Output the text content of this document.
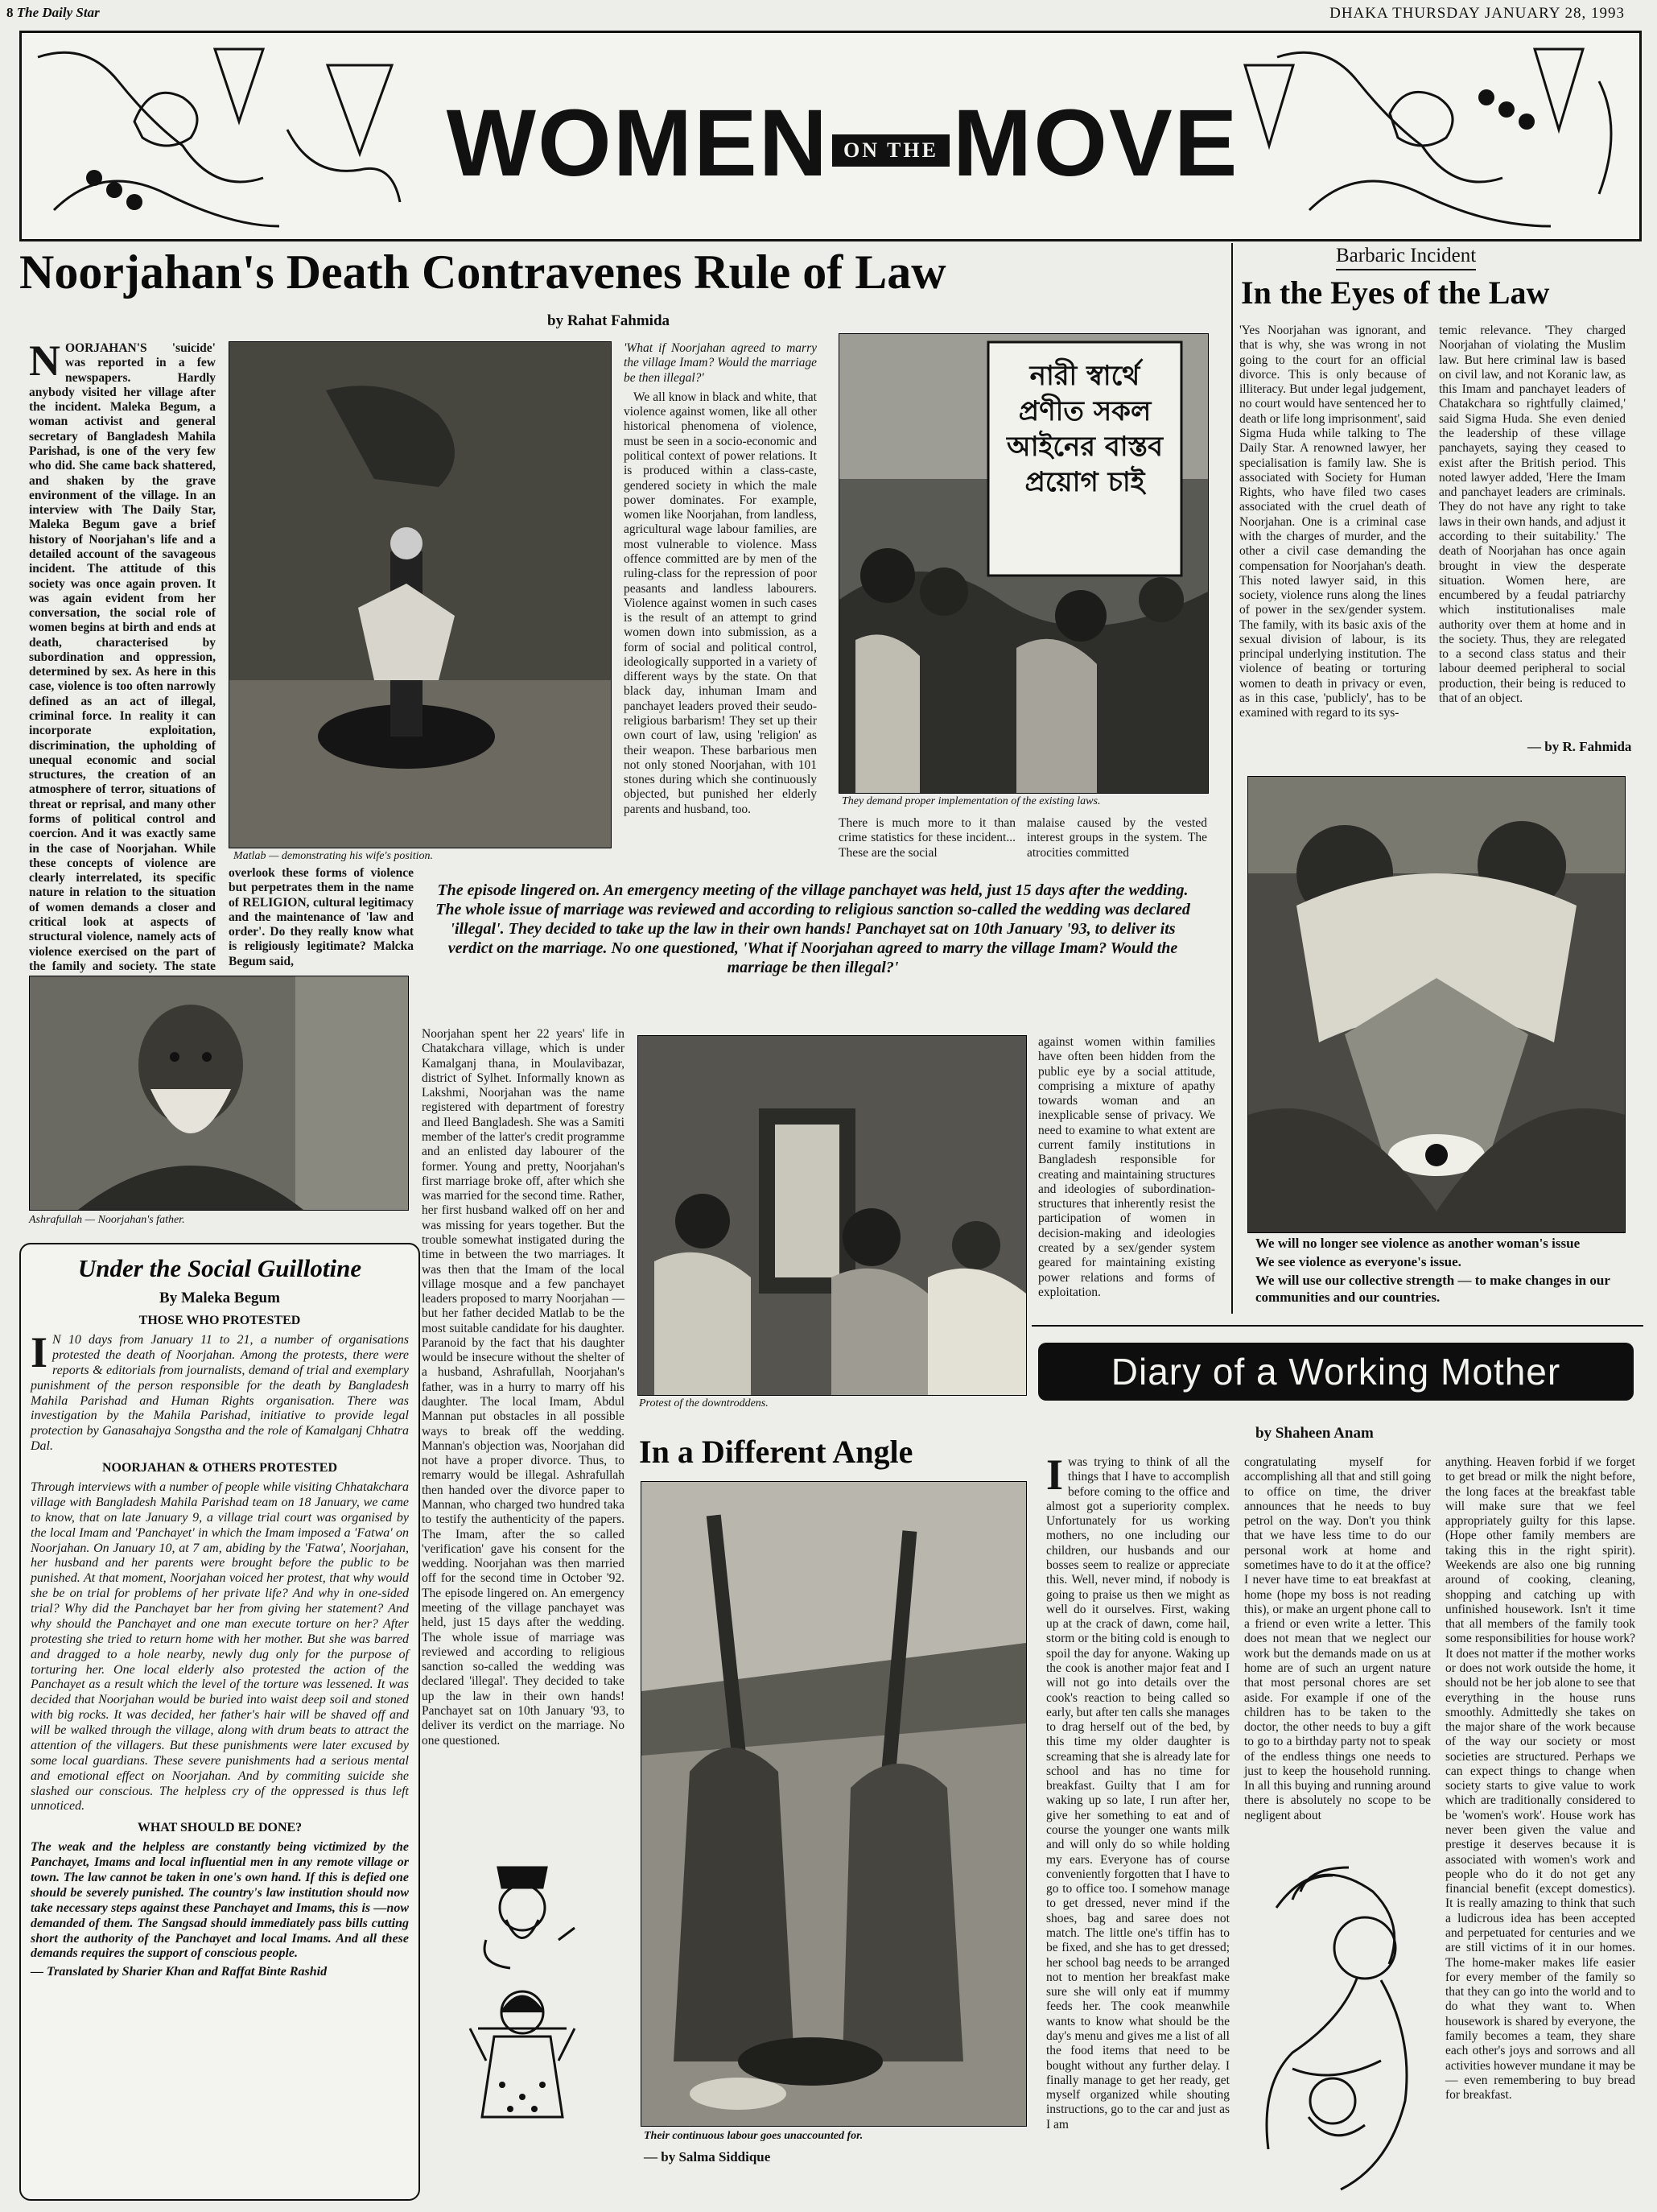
8 The Daily Star	DHAKA THURSDAY JANUARY 28, 1993
WOMEN ON THE MOVE
Noorjahan's Death Contravenes Rule of Law
by Rahat Fahmida
NOORJAHAN'S 'suicide' was reported in a few newspapers. Hardly anybody visited her village after the incident. Maleka Begum, a woman activist and general secretary of Bangladesh Mahila Parishad, is one of the very few who did. She came back shattered, and shaken by the grave environment of the village. In an interview with The Daily Star, Maleka Begum gave a brief history of Noorjahan's life and a detailed account of the savageous incident. The attitude of this society was once again proven. It was again evident from her conversation, the social role of women begins at birth and ends at death, characterised by subordination and oppression, determined by sex. As here in this case, violence is too often narrowly defined as an act of illegal, criminal force. In reality it can incorporate exploitation, discrimination, the upholding of unequal economic and social structures, the creation of an atmosphere of terror, situations of threat or reprisal, and many other forms of political control and coercion. And it was exactly same in the case of Noorjahan. While these concepts of violence are clearly interrelated, its specific nature in relation to the situation of women demands a closer and critical look at aspects of structural violence, namely acts of violence exercised on the part of the family and society. The state
Matlab — demonstrating his wife's position.
overlook these forms of violence but perpetrates them in the name of RELIGION, cultural legitimacy and the maintenance of 'law and order'. Do they really know what is religiously legitimate? Malcka Begum said,

'What if Noorjahan agreed to marry the village Imam? Would the marriage be then illegal?'

We all know in black and white, that violence against women, like all other historical phenomena of violence, must be seen in a socio-economic and political context of power relations. It is produced within a class-caste, gendered society in which the male power dominates. For example, women like Noorjahan, from landless, agricultural wage labour families, are most vulnerable to violence. Mass offence committed are by men of the ruling-class for the repression of poor peasants and landless labourers. Violence against women in such cases is the result of an attempt to grind women down into submission, as a form of social and political control, ideologically supported in a variety of different ways by the state. On that black day, inhuman Imam and panchayet leaders proved their seudo-religious barbarism! They set up their own court of law, using 'religion' as their weapon. These barbarious men not only stoned Noorjahan, with 101 stones during which she continuously objected, but punished her elderly parents and husband, too.

নারী স্বার্থে প্রণীত সকল আইনের বাস্তব প্রয়োগ চাই
They demand proper implementation of the existing laws.
There is much more to it than crime statistics for these incident... These are the social
malaise caused by the vested interest groups in the system. The atrocities committed
The episode lingered on. An emergency meeting of the village panchayet was held, just 15 days after the wedding. The whole issue of marriage was reviewed and according to religious sanction so-called the wedding was declared 'illegal'. They decided to take up the law in their own hands! Panchayet sat on 10th January '93, to deliver its verdict on the marriage. No one questioned, 'What if Noorjahan agreed to marry the village Imam? Would the marriage be then illegal?'
Ashrafullah — Noorjahan's father.
Noorjahan spent her 22 years' life in Chatakchara village, which is under Kamalganj thana, in Moulavibazar, district of Sylhet. Informally known as Lakshmi, Noorjahan was the name registered with department of forestry and Ileed Bangladesh. She was a Samiti member of the latter's credit programme and an enlisted day labourer of the former. Young and pretty, Noorjahan's first marriage broke off, after which she was married for the second time. Rather, her first husband walked off on her and was missing for years together. But the trouble somewhat instigated during the time in between the two marriages. It was then that the Imam of the local village mosque and a few panchayet leaders proposed to marry Noorjahan — but her father decided Matlab to be the most suitable candidate for his daughter. Paranoid by the fact that his daughter would be insecure without the shelter of a husband, Ashrafullah, Noorjahan's father, was in a hurry to marry off his daughter. The local Imam, Abdul Mannan put obstacles in all possible ways to break off the wedding. Mannan's objection was, Noorjahan did not have a proper divorce. Thus, to remarry would be illegal. Ashrafullah then handed over the divorce paper to Mannan, who charged two hundred taka to testify the authenticity of the papers. The Imam, after the so called 'verification' gave his consent for the wedding. Noorjahan was then married off for the second time in October '92. The episode lingered on. An emergency meeting of the village panchayet was held, just 15 days after the wedding. The whole issue of marriage was reviewed and according to religious sanction so-called the wedding was declared 'illegal'. They decided to take up the law in their own hands! Panchayet sat on 10th January '93, to deliver its verdict on the marriage. No one questioned.
Protest of the downtroddens.
against women within families have often been hidden from the public eye by a social attitude, comprising a mixture of apathy towards woman and an inexplicable sense of privacy. We need to examine to what extent are current family institutions in Bangladesh responsible for creating and maintaining structures and ideologies of subordination-structures that inherently resist the participation of women in decision-making and ideologies created by a sex/gender system geared for maintaining existing power relations and forms of exploitation.
Barbaric Incident
In the Eyes of the Law
'Yes Noorjahan was ignorant, and that is why, she was wrong in not going to the court for an official divorce. This is only because of illiteracy. But under legal judgement, no court would have sentenced her to death or life long imprisonment', said Sigma Huda while talking to The Daily Star. A renowned lawyer, her specialisation is family law. She is associated with Society for Human Rights, who have filed two cases associated with the cruel death of Noorjahan. One is a criminal case with the charges of murder, and the other a civil case demanding the compensation for Noorjahan's death. This noted lawyer said, in this society, violence runs along the lines of power in the sex/gender system. The family, with its basic axis of the sexual division of labour, is its principal underlying institution. The violence of beating or torturing women to death in privacy or even, as in this case, 'publicly', has to be examined with regard to its sys-
temic relevance. 'They charged Noorjahan of violating the Muslim law. But here criminal law is based on civil law, and not Koranic law, as this Imam and panchayet leaders of Chatakchara so rightfully claimed,' said Sigma Huda. She even denied the leadership of these village panchayets, saying they ceased to exist after the British period. This noted lawyer added, 'Here the Imam and panchayet leaders are criminals. They do not have any right to take laws in their own hands, and adjust it according to their suitability.' The death of Noorjahan has once again brought in view the desperate situation. Women here, are encumbered by a feudal patriarchy which institutionalises male authority over them at home and in the society. Thus, they are relegated to a second class status and their labour deemed peripheral to social production, their being is reduced to that of an object.
— by R. Fahmida
We will no longer see violence as another woman's issue
We see violence as everyone's issue.
We will use our collective strength — to make changes in our communities and our countries.
Under the Social Guillotine
By Maleka Begum
THOSE WHO PROTESTED
I N 10 days from January 11 to 21, a number of organisations protested the death of Noorjahan. Among the protests, there were reports & editorials from journalists, demand of trial and exemplary punishment of the person responsible for the death by Bangladesh Mahila Parishad and Human Rights organisation. There was investigation by the Mahila Parishad, initiative to provide legal protection by Ganasahajya Songstha and the role of Kamalganj Chhatra Dal.
NOORJAHAN & OTHERS PROTESTED
Through interviews with a number of people while visiting Chhatakchara village with Bangladesh Mahila Parishad team on 18 January, we came to know, that on late January 9, a village trial court was organised by the local Imam and 'Panchayet' in which the Imam imposed a 'Fatwa' on Noorjahan. On January 10, at 7 am, abiding by the 'Fatwa', Noorjahan, her husband and her parents were brought before the public to be punished. At that moment, Noorjahan voiced her protest, that why would she be on trial for problems of her private life? And why in one-sided trial? Why did the Panchayet bar her from giving her statement? And why should the Panchayet and one man execute torture on her? After protesting she tried to return home with her mother. But she was barred and dragged to a hole nearby, newly dug only for the purpose of torturing her. One local elderly also protested the action of the Panchayet as a result which the level of the torture was lessened. It was decided that Noorjahan would be buried into waist deep soil and stoned with big rocks. It was decided, her father's hair will be shaved off and will be walked through the village, along with drum beats to attract the attention of the villagers. But these punishments were later excused by some local guardians. These severe punishments had a serious mental and emotional effect on Noorjahan. And by commiting suicide she slashed our conscious. The helpless cry of the oppressed is thus left unnoticed.
WHAT SHOULD BE DONE?
The weak and the helpless are constantly being victimized by the Panchayet, Imams and local influential men in any remote village or town. The law cannot be taken in one's own hand. If this is defied one should be severely punished. The country's law institution should now take necessary steps against these Panchayet and Imams, this is —now demanded of them. The Sangsad should immediately pass bills cutting short the authority of the Panchayet and local Imams. And all these demands requires the support of conscious people.
— Translated by Sharier Khan and Raffat Binte Rashid
In a Different Angle
Their continuous labour goes unaccounted for.
— by Salma Siddique
Diary of a Working Mother
by Shaheen Anam
Iwas trying to think of all the things that I have to accomplish before coming to the office and almost got a superiority complex. Unfortunately for us working mothers, no one including our children, our husbands and our bosses seem to realize or appreciate this. Well, never mind, if nobody is going to praise us then we might as well do it ourselves. First, waking up at the crack of dawn, come hail, storm or the biting cold is enough to spoil the day for anyone. Waking up the cook is another major feat and I will not go into details over the cook's reaction to being called so early, but after ten calls she manages to drag herself out of the bed, by this time my older daughter is screaming that she is already late for school and has no time for breakfast. Guilty that I am for waking up so late, I run after her, give her something to eat and of course the younger one wants milk and will only do so while holding my ears. Everyone has of course conveniently forgotten that I have to go to office too. I somehow manage to get dressed, never mind if the shoes, bag and saree does not match. The little one's tiffin has to be fixed, and she has to get dressed; her school bag needs to be arranged not to mention her breakfast make sure she will only eat if mummy feeds her. The cook meanwhile wants to know what should be the day's menu and gives me a list of all the food items that need to be bought without any further delay. I finally manage to get her ready, get myself organized while shouting instructions, go to the car and just as I am
congratulating myself for accomplishing all that and still going to office on time, the driver announces that he needs to buy petrol on the way. Don't you think that we have less time to do our personal work at home and sometimes have to do it at the office? I never have time to eat breakfast at home (hope my boss is not reading this), or make an urgent phone call to a friend or even write a letter. This does not mean that we neglect our work but the demands made on us at home are of such an urgent nature that most personal chores are set aside. For example if one of the children has to be taken to the doctor, the other needs to buy a gift to go to a birthday party not to speak of the endless things one needs to just to keep the household running. In all this buying and running around there is absolutely no scope to be negligent about
anything. Heaven forbid if we forget to get bread or milk the night before, the long faces at the breakfast table will make sure that we feel appropriately guilty for this lapse. (Hope other family members are taking this in the right spirit). Weekends are also one big running around of cooking, cleaning, shopping and catching up with unfinished housework. Isn't it time that all members of the family took some responsibilities for house work? It does not matter if the mother works or does not work outside the home, it should not be her job alone to see that everything in the house runs smoothly. Admittedly she takes on the major share of the work because of the way our society or most societies are structured. Perhaps we can expect things to change when society starts to give value to work which are traditionally considered to be 'women's work'. House work has never been given the value and prestige it deserves because it is associated with women's work and people who do it do not get any financial benefit (except domestics). It is really amazing to think that such a ludicrous idea has been accepted and perpetuated for centuries and we are still victims of it in our homes. The home-maker makes life easier for every member of the family so that they can go into the world and to do what they want to. When housework is shared by everyone, the family becomes a team, they share each other's joys and sorrows and all activities however mundane it may be — even remembering to buy bread for breakfast.
